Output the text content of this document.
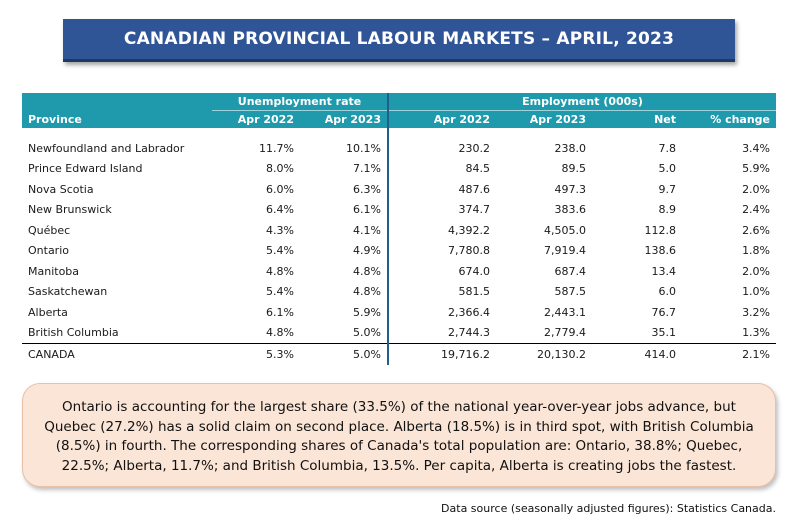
CANADIAN PROVINCIAL LABOUR MARKETS – APRIL, 2023
	Unemployment rate		Employment (000s)			
Province	Apr 2022	Apr 2023	Apr 2022	Apr 2023	Net	% change

Newfoundland and Labrador	11.7%	10.1%	230.2	238.0	7.8	3.4%
Prince Edward Island	8.0%	7.1%	84.5	89.5	5.0	5.9%
Nova Scotia	6.0%	6.3%	487.6	497.3	9.7	2.0%
New Brunswick	6.4%	6.1%	374.7	383.6	8.9	2.4%
Québec	4.3%	4.1%	4,392.2	4,505.0	112.8	2.6%
Ontario	5.4%	4.9%	7,780.8	7,919.4	138.6	1.8%
Manitoba	4.8%	4.8%	674.0	687.4	13.4	2.0%
Saskatchewan	5.4%	4.8%	581.5	587.5	6.0	1.0%
Alberta	6.1%	5.9%	2,366.4	2,443.1	76.7	3.2%
British Columbia	4.8%	5.0%	2,744.3	2,779.4	35.1	1.3%
CANADA	5.3%	5.0%	19,716.2	20,130.2	414.0	2.1%
Ontario is accounting for the largest share (33.5%) of the national year-over-year jobs advance, but Quebec (27.2%) has a solid claim on second place. Alberta (18.5%) is in third spot, with British Columbia (8.5%) in fourth. The corresponding shares of Canada's total population are: Ontario, 38.8%; Quebec, 22.5%; Alberta, 11.7%; and British Columbia, 13.5%. Per capita, Alberta is creating jobs the fastest.
Data source (seasonally adjusted figures): Statistics Canada.
